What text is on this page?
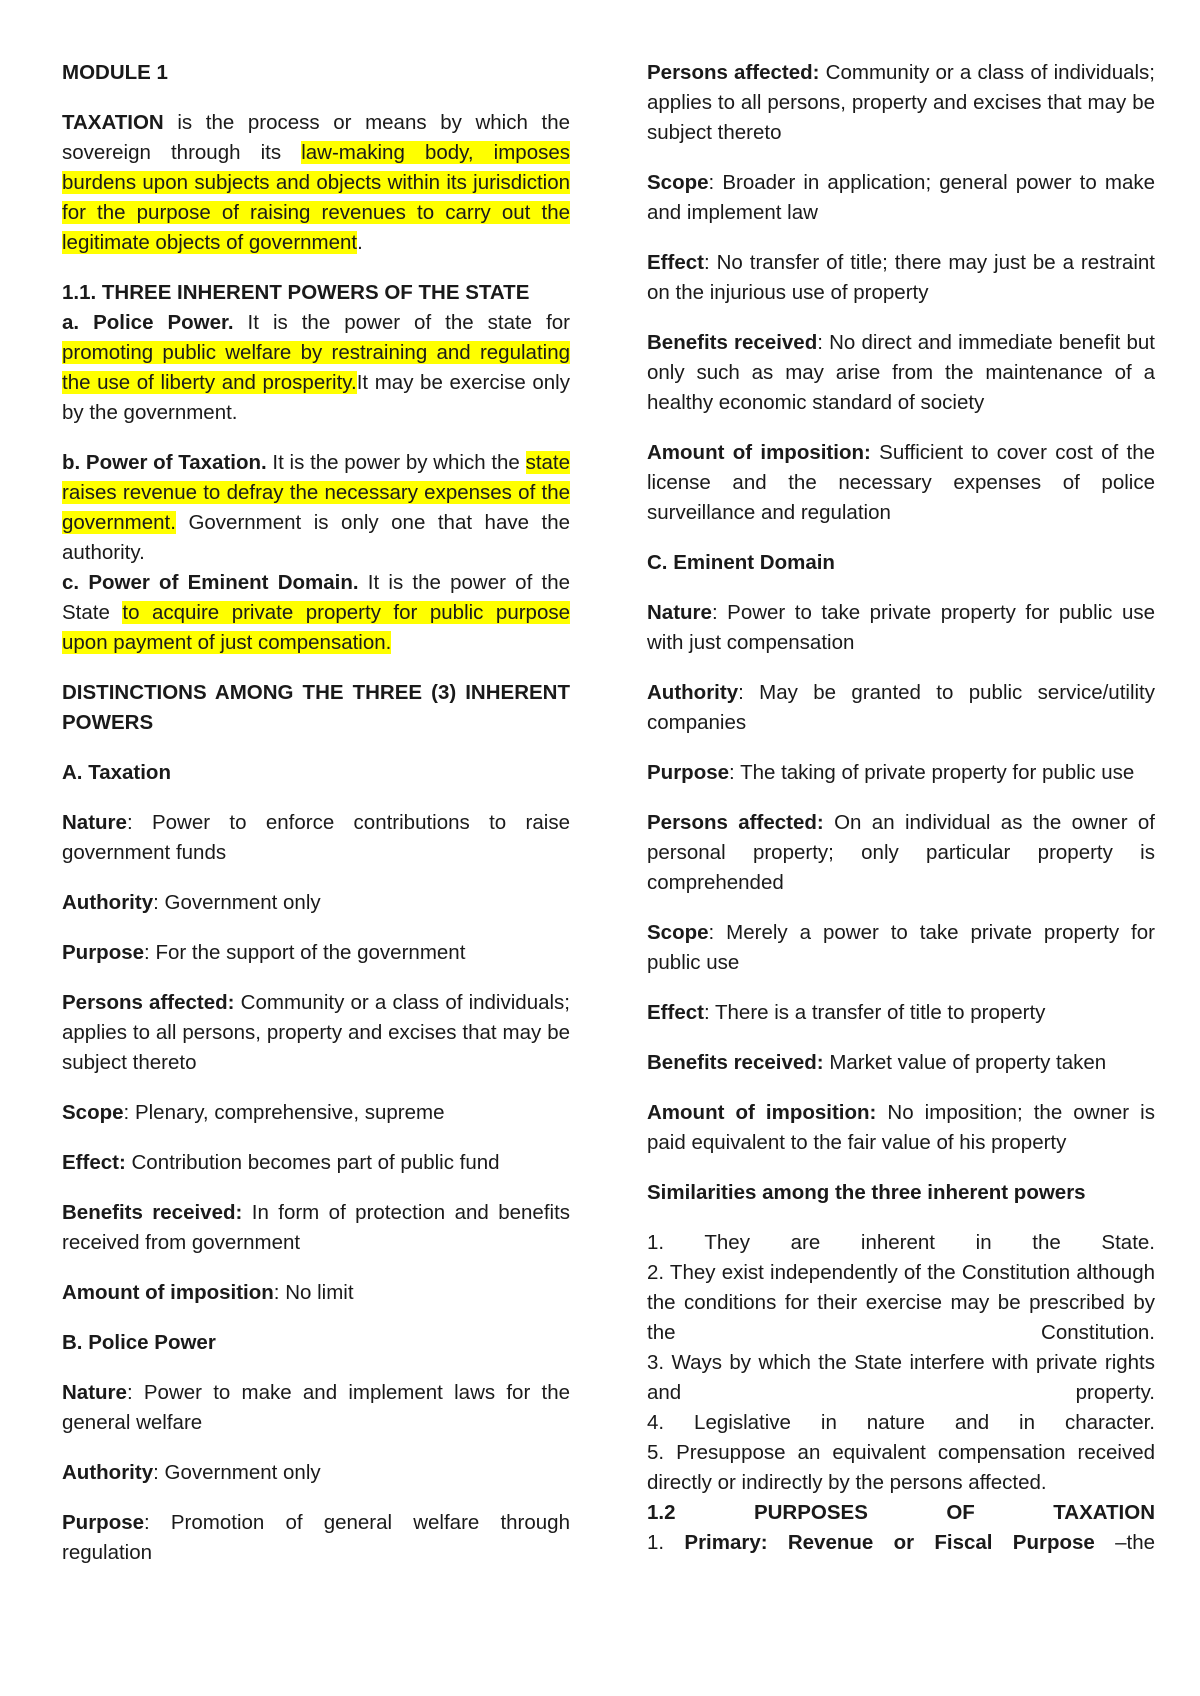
MODULE 1

TAXATION is the process or means by which the sovereign through its law-making body, imposes burdens upon subjects and objects within its jurisdiction for the purpose of raising revenues to carry out the legitimate objects of government.

1.1. THREE INHERENT POWERS OF THE STATE

a. Police Power. It is the power of the state for promoting public welfare by restraining and regulating the use of liberty and prosperity.It may be exercise only by the government.

b. Power of Taxation. It is the power by which the state raises revenue to defray the necessary expenses of the government. Government is only one that have the authority.

c. Power of Eminent Domain. It is the power of the State to acquire private property for public purpose upon payment of just compensation.

DISTINCTIONS AMONG THE THREE (3) INHERENT POWERS

A. Taxation

Nature: Power to enforce contributions to raise government funds

Authority: Government only

Purpose: For the support of the government

Persons affected: Community or a class of individuals; applies to all persons, property and excises that may be subject thereto

Scope: Plenary, comprehensive, supreme

Effect: Contribution becomes part of public fund

Benefits received: In form of protection and benefits received from government

Amount of imposition: No limit

B. Police Power

Nature: Power to make and implement laws for the general welfare

Authority: Government only

Purpose: Promotion of general welfare through regulation

Persons affected: Community or a class of individuals; applies to all persons, property and excises that may be subject thereto

Scope: Broader in application; general power to make and implement law

Effect: No transfer of title; there may just be a restraint on the injurious use of property

Benefits received: No direct and immediate benefit but only such as may arise from the maintenance of a healthy economic standard of society

Amount of imposition: Sufficient to cover cost of the license and the necessary expenses of police surveillance and regulation

C. Eminent Domain

Nature: Power to take private property for public use with just compensation

Authority: May be granted to public service/utility companies

Purpose: The taking of private property for public use

Persons affected: On an individual as the owner of personal property; only particular property is comprehended

Scope: Merely a power to take private property for public use

Effect: There is a transfer of title to property

Benefits received: Market value of property taken

Amount of imposition: No imposition; the owner is paid equivalent to the fair value of his property

Similarities among the three inherent powers

1. They are inherent in the State.

2. They exist independently of the Constitution although the conditions for their exercise may be prescribed by the Constitution.

3. Ways by which the State interfere with private rights and property.

4. Legislative in nature and in character.

5. Presuppose an equivalent compensation received directly or indirectly by the persons affected.

1.2 PURPOSES OF TAXATION

1. Primary: Revenue or Fiscal Purpose –the
